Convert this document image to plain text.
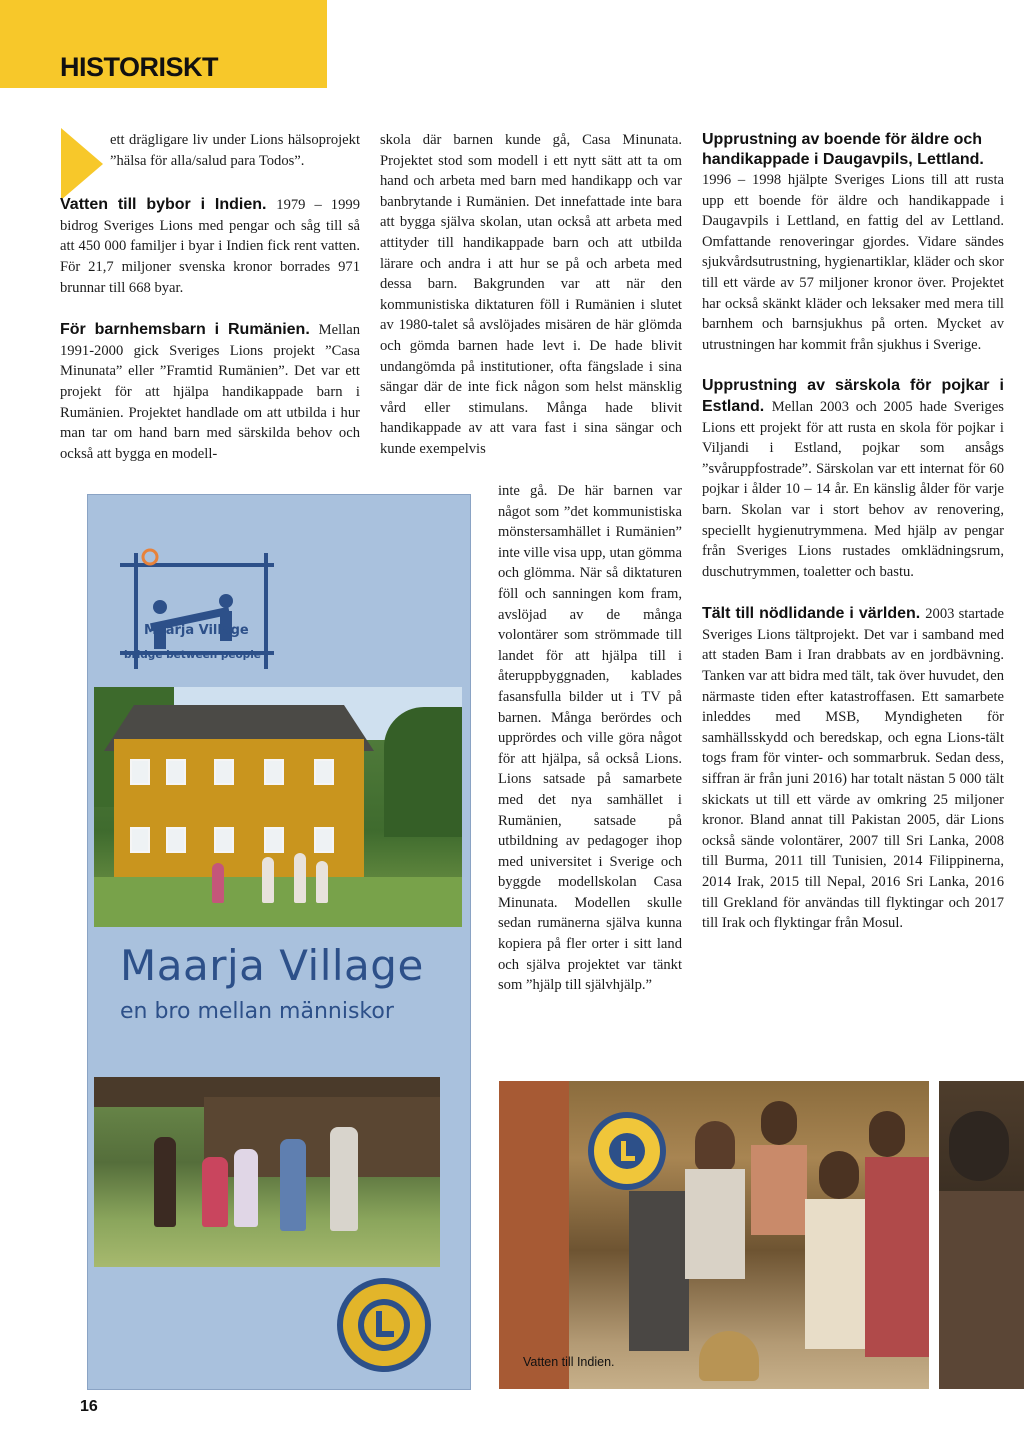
HISTORISKT

ett drägligare liv under Lions hälsoprojekt ”hälsa för alla/salud para Todos”.

Vatten till bybor i Indien. 1979 – 1999 bidrog Sveriges Lions med pengar och såg till så att 450 000 familjer i byar i Indien fick rent vatten. För 21,7 miljoner svenska kronor borrades 971 brunnar till 668 byar.

För barnhemsbarn i Rumänien. Mellan 1991-2000 gick Sveriges Lions projekt ”Casa Minunata” eller ”Framtid Rumänien”. Det var ett projekt för att hjälpa handikappade barn i Rumänien. Projektet handlade om att utbilda i hur man tar om hand barn med särskilda behov och också att bygga en modell-

skola där barnen kunde gå, Casa Minunata. Projektet stod som modell i ett nytt sätt att ta om hand och arbeta med barn med handikapp och var banbrytande i Rumänien. Det innefattade inte bara att bygga själva skolan, utan också att arbeta med attityder till handikappade barn och att utbilda lärare och andra i att hur se på och arbeta med dessa barn. Bakgrunden var att när den kommunistiska diktaturen föll i Rumänien i slutet av 1980-talet så avslöjades misären de här glömda och gömda barnen hade levt i. De hade blivit undangömda på institutioner, ofta fängslade i sina sängar där de inte fick någon som helst mänsklig vård eller stimulans. Många hade blivit handikappade av att vara fast i sina sängar och kunde exempelvis

inte gå. De här barnen var något som ”det kommunistiska mönstersamhället i Rumänien” inte ville visa upp, utan gömma och glömma. När så diktaturen föll och sanningen kom fram, avslöjad av de många volontärer som strömmade till landet för att hjälpa till i återuppbyggnaden, kablades fasansfulla bilder ut i TV på barnen. Många berördes och upprördes och ville göra något för att hjälpa, så också Lions. Lions satsade på samarbete med det nya samhället i Rumänien, satsade på utbildning av pedagoger ihop med universitet i Sverige och byggde modellskolan Casa Minunata. Modellen skulle sedan rumänerna själva kunna kopiera på fler orter i sitt land och själva projektet var tänkt som ”hjälp till självhjälp.”

Upprustning av boende för äldre och handikappade i Daugavpils, Lettland.

1996 – 1998 hjälpte Sveriges Lions till att rusta upp ett boende för äldre och handikappade i Daugavpils i Lettland, en fattig del av Lettland. Omfattande renoveringar gjordes. Vidare sändes sjukvårdsutrustning, hygienartiklar, kläder och skor till ett värde av 57 miljoner kronor över. Projektet har också skänkt kläder och leksaker med mera till barnhem och barnsjukhus på orten. Mycket av utrustningen har kommit från sjukhus i Sverige.

Upprustning av särskola för pojkar i Estland. Mellan 2003 och 2005 hade Sveriges Lions ett projekt för att rusta en skola för pojkar i Viljandi i Estland, pojkar som ansågs ”svåruppfostrade”. Särskolan var ett internat för 60 pojkar i ålder 10 – 14 år. En känslig ålder för varje barn. Skolan var i stort behov av renovering, speciellt hygienutrymmena. Med hjälp av pengar från Sveriges Lions rustades omklädningsrum, duschutrymmen, toaletter och bastu.

Tält till nödlidande i världen. 2003 startade Sveriges Lions tältprojekt. Det var i samband med att staden Bam i Iran drabbats av en jordbävning. Tanken var att bidra med tält, tak över huvudet, den närmaste tiden efter katastroffasen. Ett samarbete inleddes med MSB, Myndigheten för samhällsskydd och beredskap, och egna Lions-tält togs fram för vinter- och sommarbruk. Sedan dess, siffran är från juni 2016) har totalt nästan 5 000 tält skickats ut till ett värde av omkring 25 miljoner kronor. Bland annat till Pakistan 2005, där Lions också sände volontärer, 2007 till Sri Lanka, 2008 till Burma, 2011 till Tunisien, 2014 Filippinerna, 2014 Irak, 2015 till Nepal, 2016 Sri Lanka, 2016 till Grekland för användas till flyktingar och 2017 till Irak och flyktingar från Mosul.

Maarja Village
bridge between people
Maarja Village
en bro mellan människor
Vatten till Indien.
16
